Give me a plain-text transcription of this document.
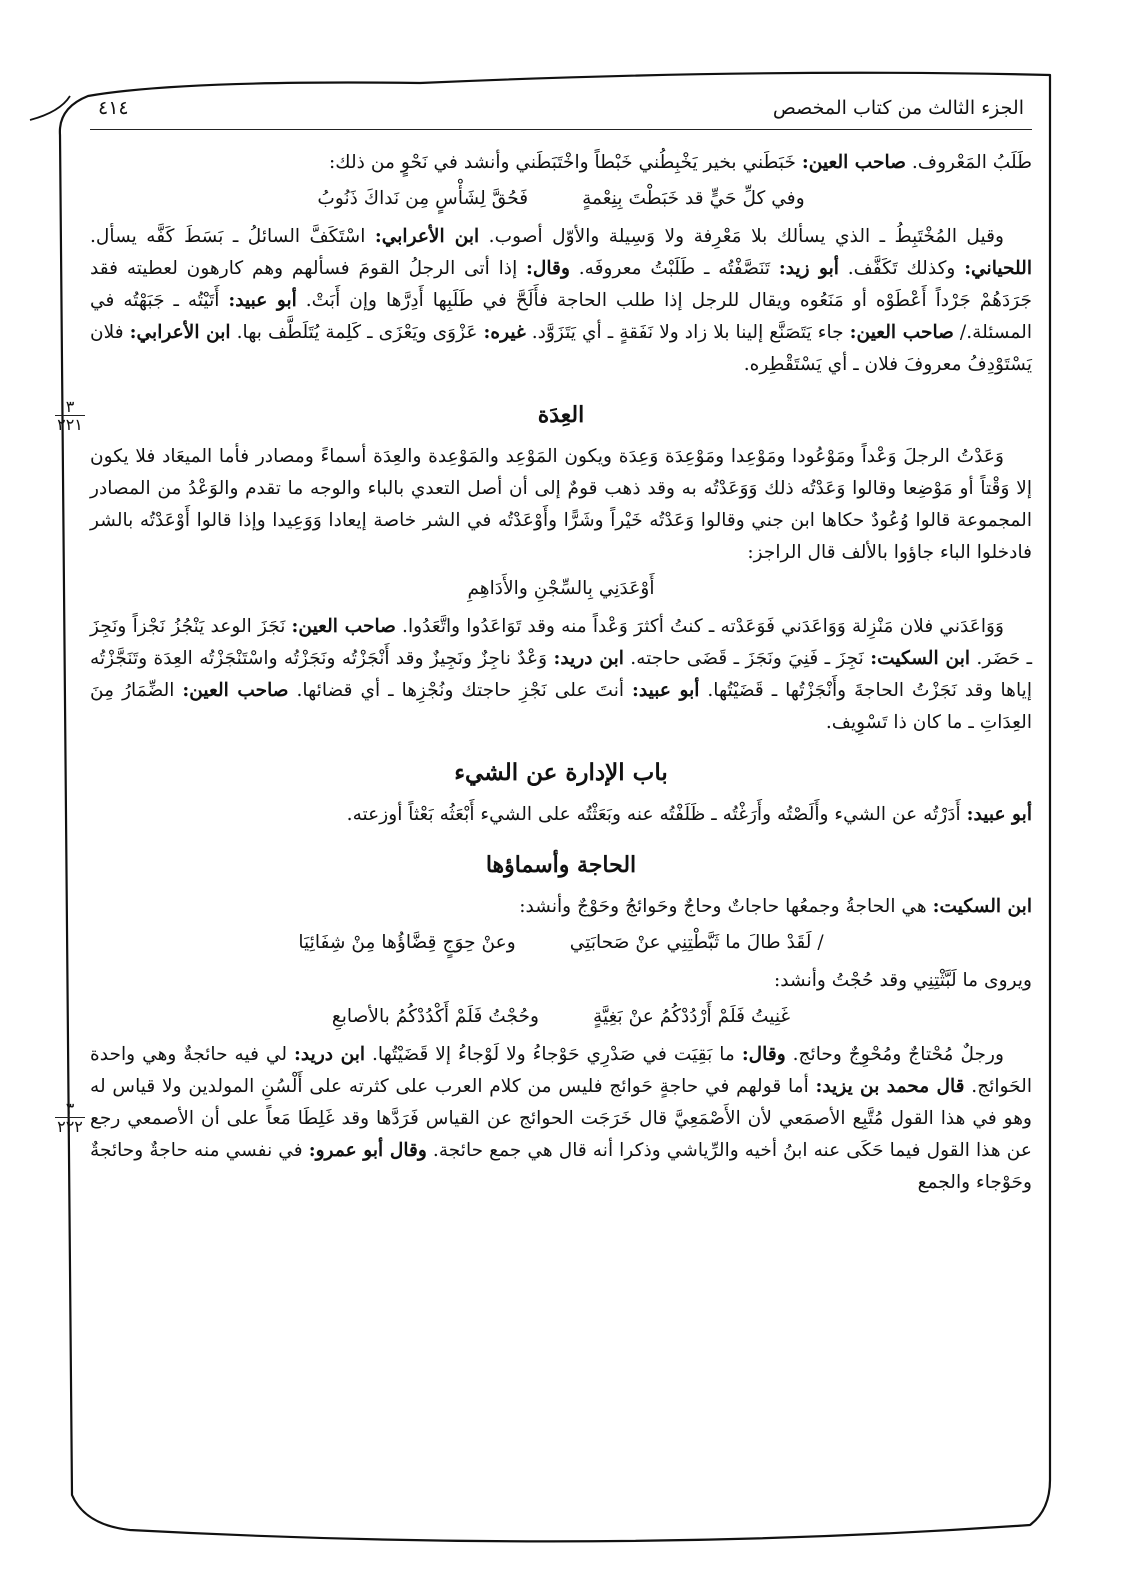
الجزء الثالث من كتاب المخصص
٤١٤

طَلَبُ المَعْروف. صاحب العين: خَبَطَني بخير يَخْبِطُني خَبْطاً واخْتَبَطَني وأنشد في نَحْوٍ من ذلك:

وفي كلِّ حَيٍّ قد خَبَطْتَ بِنِعْمةٍ
فَحُقَّ لِشَأْسٍ مِن نَداكَ ذَنُوبُ

وقيل المُخْتَبِطُ ـ الذي يسألك بلا مَعْرِفة ولا وَسِيلة والأوّل أصوب. ابن الأعرابي: اسْتَكَفَّ السائلُ ـ بَسَطَ كَفَّه يسأل. اللحياني: وكذلك تَكَفَّف. أبو زيد: تَنَصَّفْتُه ـ طَلَبْتُ معروفَه. وقال: إذا أتى الرجلُ القومَ فسألهم وهم كارهون لعطيته فقد جَرَدَهُمْ جَرْداً أَعْطَوْه أو مَنَعُوه ويقال للرجل إذا طلب الحاجة فأَلَحَّ في طَلَبِها أَدِرَّها وإن أَبَتْ. أبو عبيد: أَتَيْتُه ـ جَبَهْتُه في المسئلة./ صاحب العين: جاء يَتَصَنَّع إلينا بلا زاد ولا نَفَقةٍ ـ أي يَتَزَوَّد. غيره: عَزْوَى ويَعْزَى ـ كَلِمة يُتَلَطَّف بها. ابن الأعرابي: فلان يَسْتَوْدِفُ معروفَ فلان ـ أي يَسْتَقْطِره.

العِدَة

وَعَدْتُ الرجلَ وَعْداً ومَوْعُودا ومَوْعِدا ومَوْعِدَة وَعِدَة ويكون المَوْعِد والمَوْعِدة والعِدَة أسماءً ومصادر فأما الميعَاد فلا يكون إلا وَقْتاً أو مَوْضِعا وقالوا وَعَدْتُه ذلك وَوَعَدْتُه به وقد ذهب قومٌ إلى أن أصل التعدي بالباء والوجه ما تقدم والوَعْدُ من المصادر المجموعة قالوا وُعُودٌ حكاها ابن جني وقالوا وَعَدْتُه خَيْراً وشَرًّا وأَوْعَدْتُه في الشر خاصة إيعادا وَوَعِيدا وإذا قالوا أَوْعَدْتُه بالشر فادخلوا الباء جاؤوا بالألف قال الراجز:

أَوْعَدَنِي بِالسِّجْنِ والأَدَاهِمِ

وَوَاعَدَني فلان مَنْزِلة وَوَاعَدَني فَوَعَدْته ـ كنتُ أكثرَ وَعْداً منه وقد تَوَاعَدُوا واتَّعَدُوا. صاحب العين: نَجَزَ الوعد يَنْجُزُ نَجْزاً ونَجِزَ ـ حَضَر. ابن السكيت: نَجِزَ ـ فَنِيَ ونَجَزَ ـ قَضَى حاجته. ابن دريد: وَعْدٌ ناجِزٌ ونَجِيزٌ وقد أَنْجَزْتُه ونَجَزْتُه واسْتَنْجَزْتُه العِدَة وتَنَجَّزْتُه إياها وقد نَجَزْتُ الحاجةَ وأَنْجَزْتُها ـ قَضَيْتُها. أبو عبيد: أنتَ على نَجْزِ حاجتك ونُجْزِها ـ أي قضائها. صاحب العين: الضِّمَارُ مِنَ العِدَاتِ ـ ما كان ذا تَسْوِيف.

باب الإدارة عن الشيء

أبو عبيد: أَدَرْتُه عن الشيء وأَلَصْتُه وأَرَغْتُه ـ ظَلَفْتُه عنه وبَعَثْتُه على الشيء أَبْعَثُه بَعْثاً أوزعته.

الحاجة وأسماؤها

ابن السكيت: هي الحاجةُ وجمعُها حاجاتٌ وحاجٌ وحَوائجُ وحَوْجٌ وأنشد:

/ لَقَدْ طالَ ما ثَبَّطْتِنِي عنْ صَحابَتِي
وعنْ حِوَجٍ قِضَّاؤُها مِنْ شِفَائِيَا

ويروى ما لَبَّثْتِنِي وقد حُجْتُ وأنشد:

غَنِيتُ فَلَمْ أَرْدُدْكُمُ عنْ بَغِيَّةٍ
وحُجْتُ فَلَمْ أَكْدُدْكُمُ بالأصابعِ

ورجلٌ مُحْتاجٌ ومُحْوِجٌ وحائج. وقال: ما بَقِيَت في صَدْرِي حَوْجاءُ ولا لَوْجاءُ إلا قَضَيْتُها. ابن دريد: لي فيه حائجةٌ وهي واحدة الحَوائج. قال محمد بن يزيد: أما قولهم في حاجةٍ حَوائج فليس من كلام العرب على كثرته على أَلْسُنِ المولدين ولا قياس له وهو في هذا القول مُتَّبِع الأصمَعي لأن الأَصْمَعِيَّ قال خَرَجَت الحوائج عن القياس فَرَدَّها وقد غَلِطَا مَعاً على أن الأصمعي رجع عن هذا القول فيما حَكَى عنه ابنُ أخيه والرِّياشي وذكرا أنه قال هي جمع حائجة. وقال أبو عمرو: في نفسي منه حاجةٌ وحائجةٌ وحَوْجاء والجمع

٣
٢٢١
٣
٢٢٢
